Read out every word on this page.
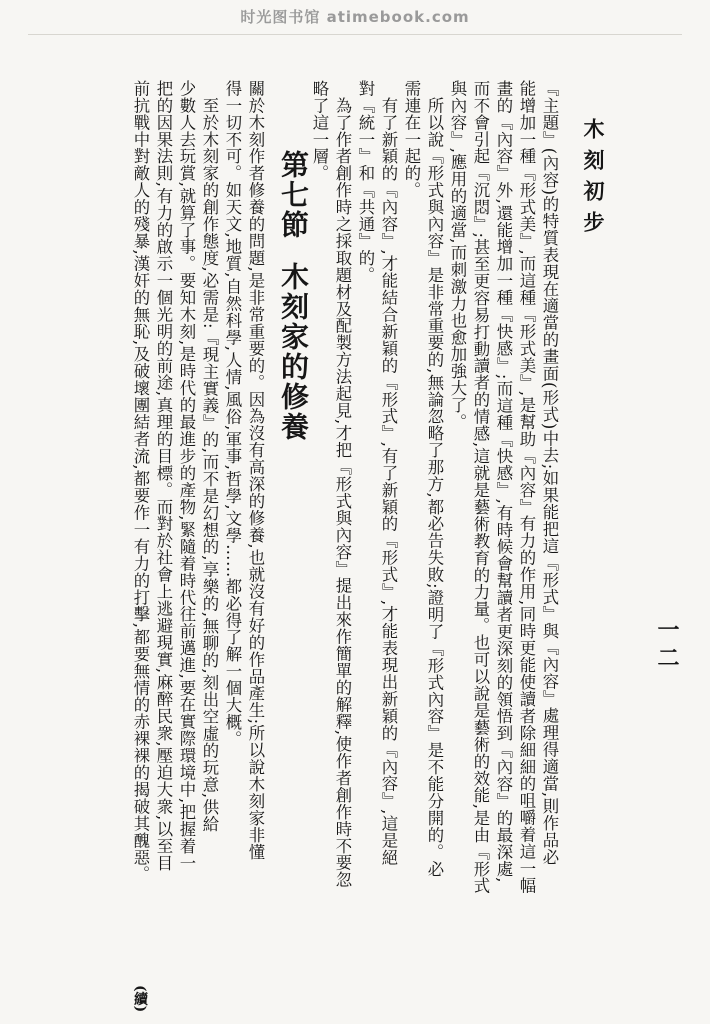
时光图书馆 atimebook.com
木刻初步
一二
『主題』(內容)的特質表現在適當的畫面(形式)中去;如果能把這『形式』與『內容』處理得適當,則作品必
能增加一種『形式美』,而這種『形式美』,是幫助『內容』有力的作用,同時更能使讀者除細細的咀嚼着這一幅
畫的『內容』外,還能增加一種『快感』;而這種『快感』,有時候會幫讀者更深刻的領悟到『內容』的最深處,
而不會引起『沉悶』;甚至更容易打動讀者的情感,這就是藝術教育的力量。也可以說是藝術的效能,是由『形式
與內容』,應用的適當,而刺激力也愈加強大了。
　所以說『形式與內容』是非常重要的,無論忽略了那方,都必告失敗;證明了『形式內容』是不能分開的。必
需連在一起的。
　有了新穎的『內容』,才能結合新穎的『形式』,有了新穎的『形式』,才能表現出新穎的『內容』,這是絕
對『統一』和『共通』的。
　為了作者創作時之採取題材及配製方法起見,才把『形式與內容』提出來作簡單的解釋,使作者創作時不要忽
略了這一層。
第七節木刻家的修養
關於木刻作者修養的問題,是非常重要的。因為沒有高深的修養,也就沒有好的作品產生;所以說木刻家非懂
得一切不可。如天文,地質,自然科學,人情,風俗,軍事,哲學,文學……都必得了解一個大概。
　至於木刻家的創作態度,必需是:『現主實義』的,而不是幻想的,享樂的,無聊的,刻出空虛的玩意,供給
少數人去玩賞,就算了事。要知木刻,是時代的最進步的產物,緊隨着時代往前邁進,要在實際環境中,把握着一
把的因果法則,有力的啟示一個光明的前途,真理的目標。而對於社會上逃避現實,麻醉民衆,壓迫大衆,以至目
前抗戰中對敵人的殘暴,漢奸的無恥,及破壞團結者流,都要作一有力的打擊,都要無情的赤裸裸的揭破其醜惡。
(續)
